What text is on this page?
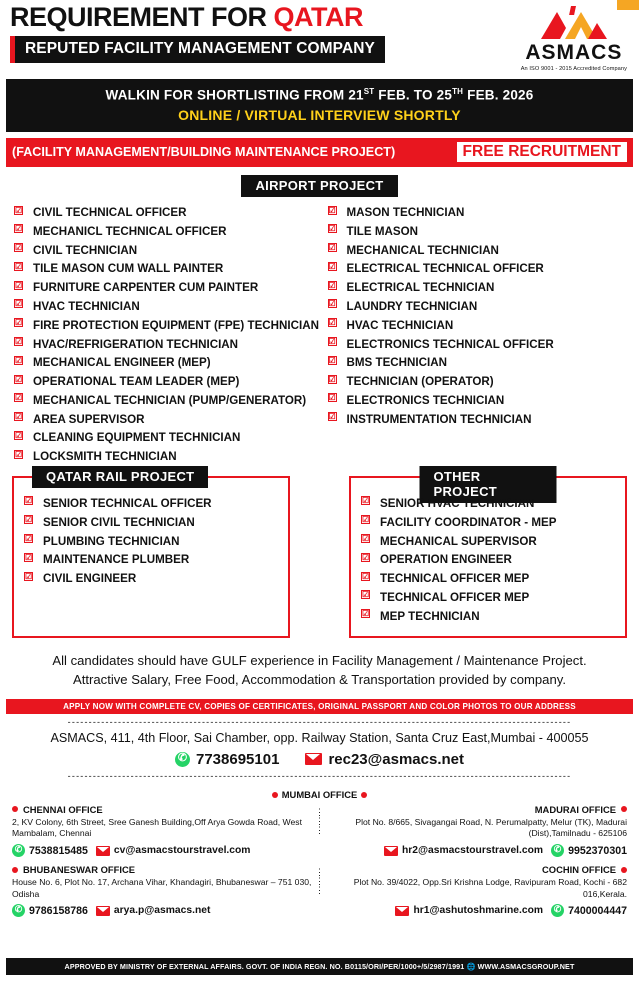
REQUIREMENT FOR QATAR
REPUTED FACILITY MANAGEMENT COMPANY	ASMACS
An ISO 9001 - 2015 Accredited Company
WALKIN FOR SHORTLISTING FROM 21ST FEB. TO 25TH FEB. 2026
ONLINE / VIRTUAL INTERVIEW SHORTLY
(FACILITY MANAGEMENT/BUILDING MAINTENANCE PROJECT)	FREE RECRUITMENT
AIRPORT PROJECT
☑ CIVIL TECHNICAL OFFICER
☑ MECHANICL TECHNICAL OFFICER
☑ CIVIL TECHNICIAN
☑ TILE MASON CUM WALL PAINTER
☑ FURNITURE CARPENTER CUM PAINTER
☑ HVAC TECHNICIAN
☑ FIRE PROTECTION EQUIPMENT (FPE) TECHNICIAN
☑ HVAC/REFRIGERATION TECHNICIAN
☑ MECHANICAL ENGINEER (MEP)
☑ OPERATIONAL TEAM LEADER (MEP)
☑ MECHANICAL TECHNICIAN (PUMP/GENERATOR)
☑ AREA SUPERVISOR
☑ CLEANING EQUIPMENT TECHNICIAN
☑ LOCKSMITH TECHNICIAN
☑ MASON TECHNICIAN
☑ TILE MASON
☑ MECHANICAL TECHNICIAN
☑ ELECTRICAL TECHNICAL OFFICER
☑ ELECTRICAL TECHNICIAN
☑ LAUNDRY TECHNICIAN
☑ HVAC TECHNICIAN
☑ ELECTRONICS TECHNICAL OFFICER
☑ BMS TECHNICIAN
☑ TECHNICIAN (OPERATOR)
☑ ELECTRONICS TECHNICIAN
☑ INSTRUMENTATION TECHNICIAN
QATAR RAIL PROJECT
☑ SENIOR TECHNICAL OFFICER
☑ SENIOR CIVIL TECHNICIAN
☑ PLUMBING TECHNICIAN
☑ MAINTENANCE PLUMBER
☑ CIVIL ENGINEER
OTHER PROJECT
☑ SENIOR HVAC TECHNICIAN
☑ FACILITY COORDINATOR - MEP
☑ MECHANICAL SUPERVISOR
☑ OPERATION ENGINEER
☑ TECHNICAL OFFICER MEP
☑ TECHNICAL OFFICER MEP
☑ MEP TECHNICIAN
All candidates should have GULF experience in Facility Management / Maintenance Project.
Attractive Salary, Free Food, Accommodation & Transportation provided by company.
APPLY NOW WITH COMPLETE CV, COPIES OF CERTIFICATES, ORIGINAL PASSPORT AND COLOR PHOTOS TO OUR ADDRESS
------------------------------------------------------------------------------------------------------------------------
ASMACS, 411, 4th Floor, Sai Chamber, opp. Railway Station, Santa Cruz East,Mumbai - 400055
✆
7738695101	rec23@asmacs.net
------------------------------------------------------------------------------------------------------------------------
MUMBAI OFFICE
⋮
⋮
⋮
CHENNAI OFFICE
2, KV Colony, 6th Street, Sree Ganesh Building,Off Arya Gowda Road, West Mambalam, Chennai
✆
7538815485	cv@asmacstourstravel.com
MADURAI OFFICE
Plot No. 8/665, Sivagangai Road, N. Perumalpatty, Melur (TK), Madurai (Dist),Tamilnadu - 625106
hr2@asmacstourstravel.com ✆ 9952370301
⋮
⋮
⋮
BHUBANESWAR OFFICE
House No. 6, Plot No. 17, Archana Vihar, Khandagiri, Bhubaneswar – 751 030, Odisha
✆
9786158786	arya.p@asmacs.net
COCHIN OFFICE
Plot No. 39/4022, Opp.Sri Krishna Lodge, Ravipuram Road, Kochi - 682 016,Kerala.
hr1@ashutoshmarine.com ✆ 7400004447
APPROVED BY MINISTRY OF EXTERNAL AFFAIRS. GOVT. OF INDIA REGN. NO. B0115/ORI/PER/1000+/5/2987/1991 🌐 WWW.ASMACSGROUP.NET
